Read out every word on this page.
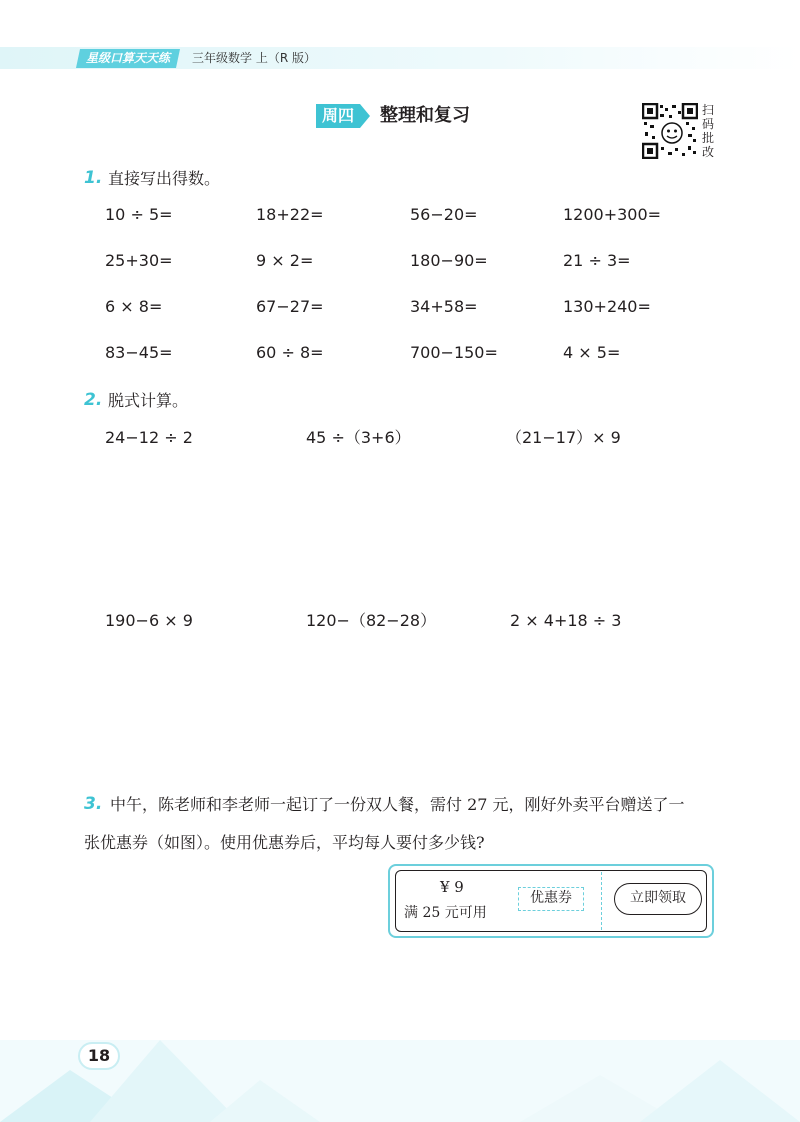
星级口算天天练	三年级数学 上（R 版）
周四	整理和复习	扫码批改
1. 直接写出得数。
10 ÷ 5=	18+22=	56−20=	1200+300=
25+30=	9 × 2=	180−90=	21 ÷ 3=
6 × 8=	67−27=	34+58=	130+240=
83−45=	60 ÷ 8=	700−150=	4 × 5=
2. 脱式计算。
24−12 ÷ 2	45 ÷（3+6）	（21−17）× 9
190−6 × 9	120−（82−28）	2 × 4+18 ÷ 3
3. 中午，陈老师和李老师一起订了一份双人餐，需付 27 元，刚好外卖平台赠送了一
张优惠券（如图）。使用优惠券后，平均每人要付多少钱?
¥ 9
满 25 元可用
优惠券	立即领取
18
